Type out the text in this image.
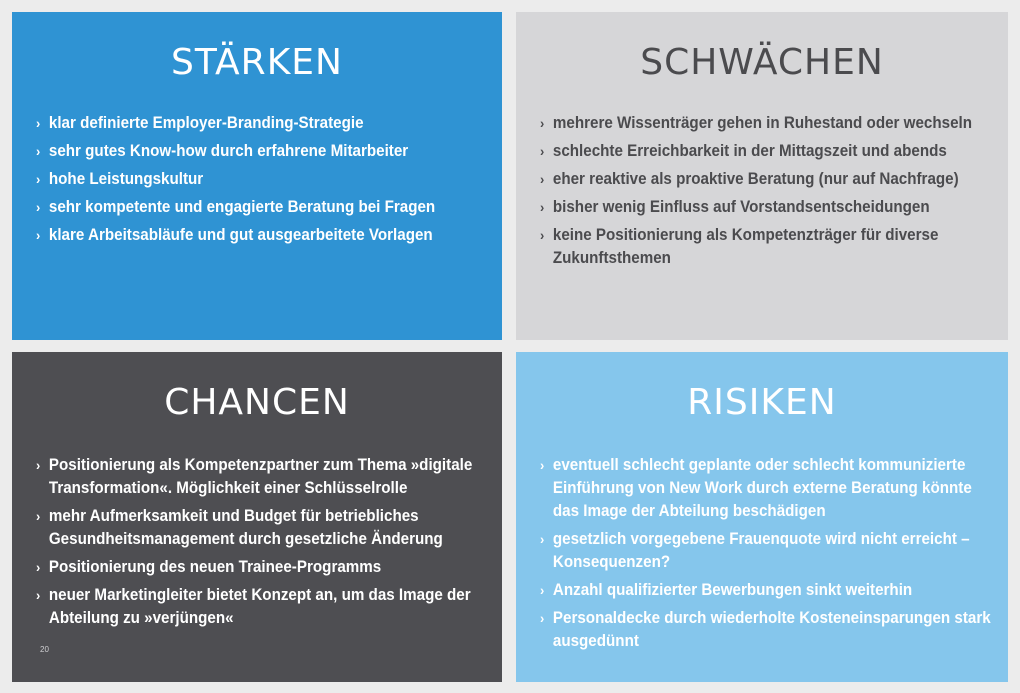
STÄRKEN
› klar definierte Employer-Branding-Strategie
› sehr gutes Know-how durch erfahrene Mitarbeiter
› hohe Leistungskultur
› sehr kompetente und engagierte Beratung bei Fragen
› klare Arbeitsabläufe und gut ausgearbeitete Vorlagen
SCHWÄCHEN
› mehrere Wissenträger gehen in Ruhestand oder wechseln
› schlechte Erreichbarkeit in der Mittagszeit und abends
› eher reaktive als proaktive Beratung (nur auf Nachfrage)
› bisher wenig Einfluss auf Vorstandsentscheidungen
› keine Positionierung als Kompetenzträger für diverse Zukunftsthemen
CHANCEN
› Positionierung als Kompetenzpartner zum Thema »digitale Transformation«. Möglichkeit einer Schlüsselrolle
› mehr Aufmerksamkeit und Budget für betriebliches Gesundheitsmanagement durch gesetzliche Änderung
› Positionierung des neuen Trainee-Programms
› neuer Marketingleiter bietet Konzept an, um das Image der Abteilung zu »verjüngen«
20
RISIKEN
› eventuell schlecht geplante oder schlecht kommunizierte Einführung von New Work durch externe Beratung könnte das Image der Abteilung beschädigen
› gesetzlich vorgegebene Frauenquote wird nicht erreicht – Konsequenzen?
› Anzahl qualifizierter Bewerbungen sinkt weiterhin
› Personaldecke durch wiederholte Kosteneinsparungen stark ausgedünnt
